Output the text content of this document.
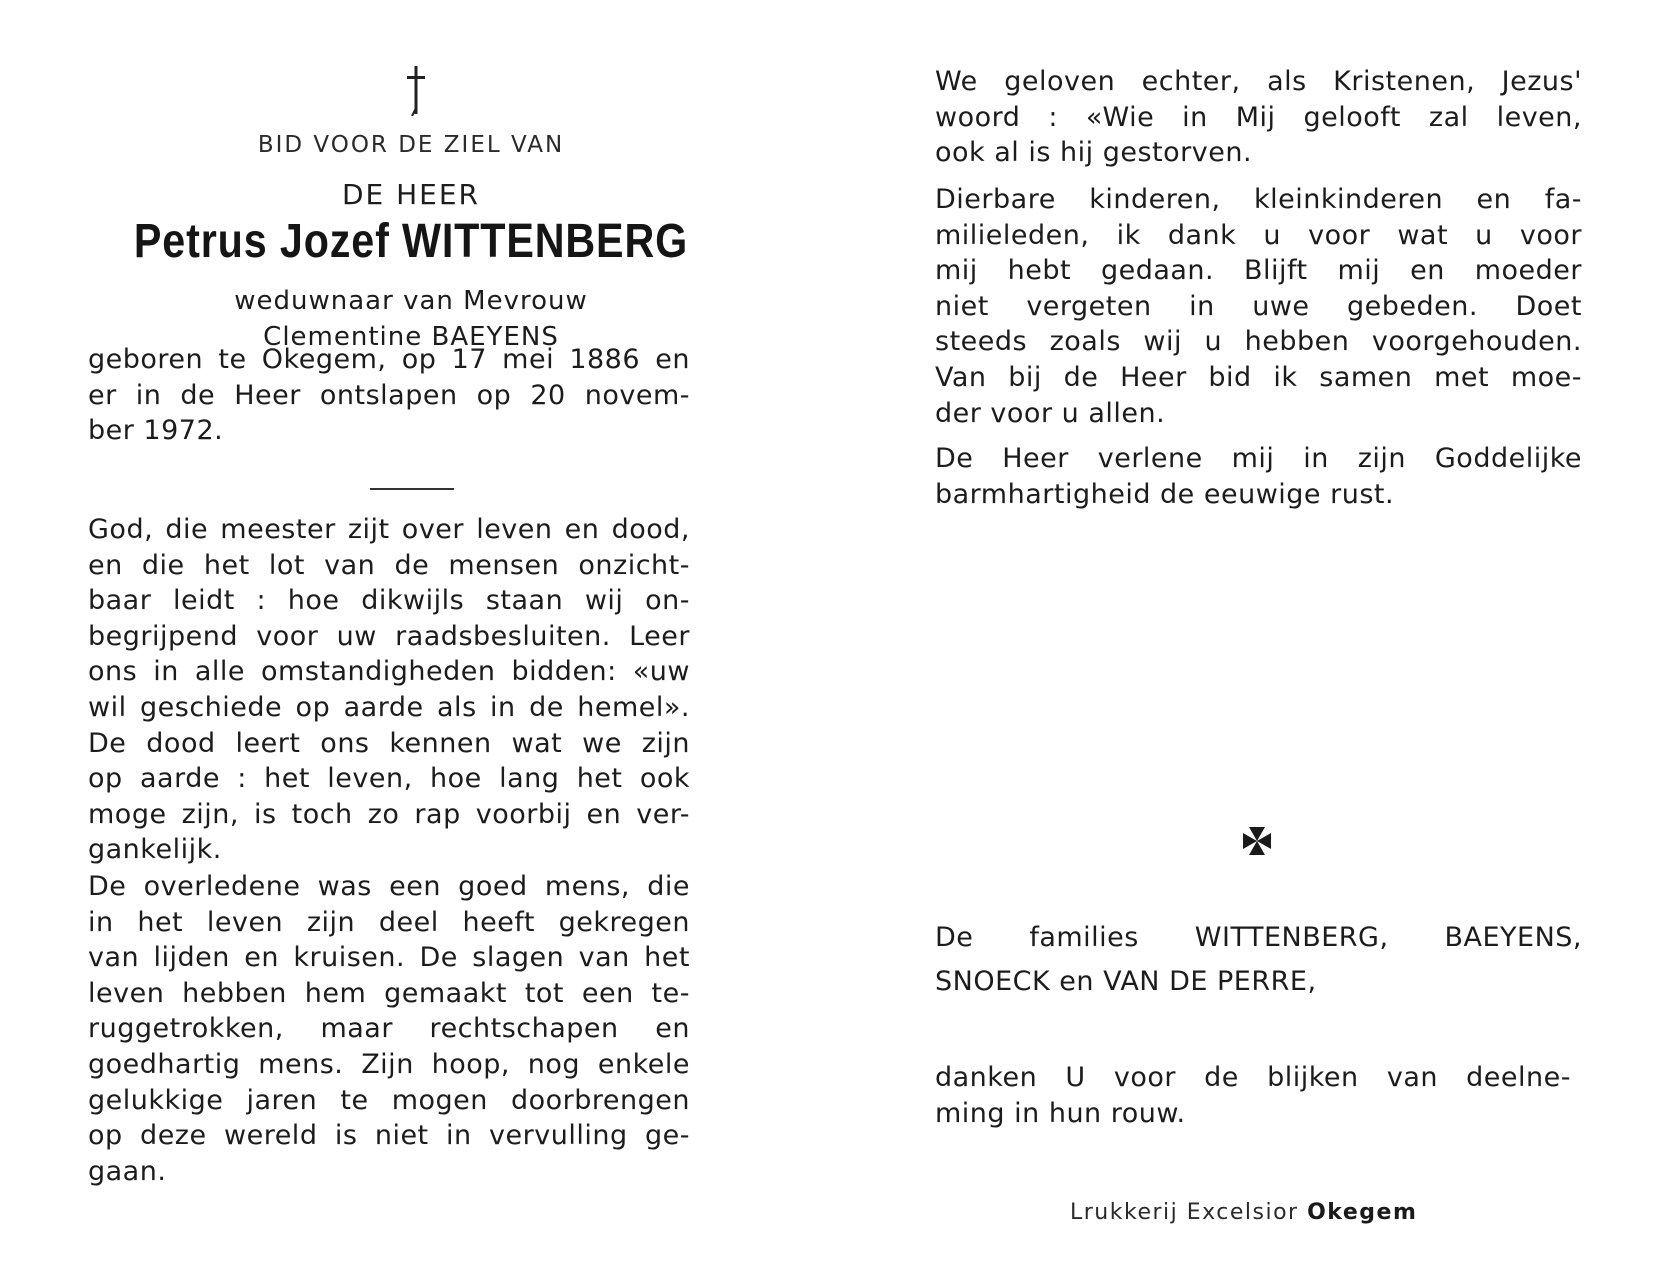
BID VOOR DE ZIEL VAN
DE HEER
Petrus Jozef WITTENBERG
weduwnaar van Mevrouw
Clementine BAEYENS
geboren te Okegem, op 17 mei 1886 en
er in de Heer ontslapen op 20 novem-
ber 1972.
God, die meester zijt over leven en dood,
en die het lot van de mensen onzicht-
baar leidt : hoe dikwijls staan wij on-
begrijpend voor uw raadsbesluiten. Leer
ons in alle omstandigheden bidden: «uw
wil geschiede op aarde als in de hemel».
De dood leert ons kennen wat we zijn
op aarde : het leven, hoe lang het ook
moge zijn, is toch zo rap voorbij en ver-
gankelijk.
De overledene was een goed mens, die
in het leven zijn deel heeft gekregen
van lijden en kruisen. De slagen van het
leven hebben hem gemaakt tot een te-
ruggetrokken, maar rechtschapen en
goedhartig mens. Zijn hoop, nog enkele
gelukkige jaren te mogen doorbrengen
op deze wereld is niet in vervulling ge-
gaan.
We geloven echter, als Kristenen, Jezus'
woord : «Wie in Mij gelooft zal leven,
ook al is hij gestorven.
Dierbare kinderen, kleinkinderen en fa-
milieleden, ik dank u voor wat u voor
mij hebt gedaan. Blijft mij en moeder
niet vergeten in uwe gebeden. Doet
steeds zoals wij u hebben voorgehouden.
Van bij de Heer bid ik samen met moe-
der voor u allen.
De Heer verlene mij in zijn Goddelijke
barmhartigheid de eeuwige rust.
De families WITTENBERG, BAEYENS,
SNOECK en VAN DE PERRE,
danken U voor de blijken van deelne-
ming in hun rouw.
Lrukkerij Excelsior Okegem
